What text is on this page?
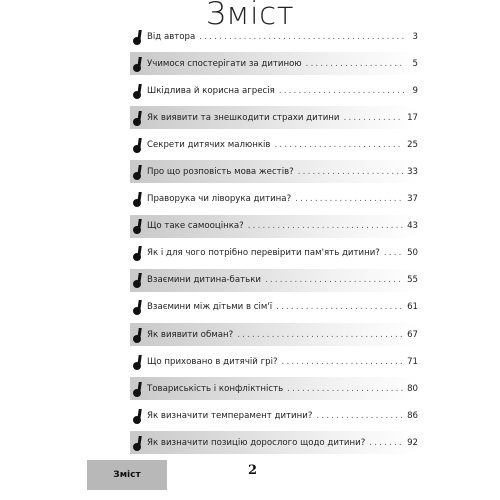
Зміст
Від автора .....	3
Учимося спостерігати за дитиною .....	5
Шкідлива й корисна агресія .....	9
Як виявити та знешкодити страхи дитини .....	17
Секрети дитячих малюнків .....	25
Про що розповість мова жестів? .....	33
Праворука чи ліворука дитина? .....	37
Що таке самооцінка? .....	43
Як і для чого потрібно перевірити пам'ять дитини? .....	50
Взаємини дитина-батьки .....	55
Взаємини між дітьми в сім'ї .....	61
Як виявити обман? .....	67
Що приховано в дитячій грі? .....	71
Товариськість і конфліктність .....	80
Як визначити темперамент дитини? .....	86
Як визначити позицію дорослого щодо дитини? .....	92
Зміст	2
